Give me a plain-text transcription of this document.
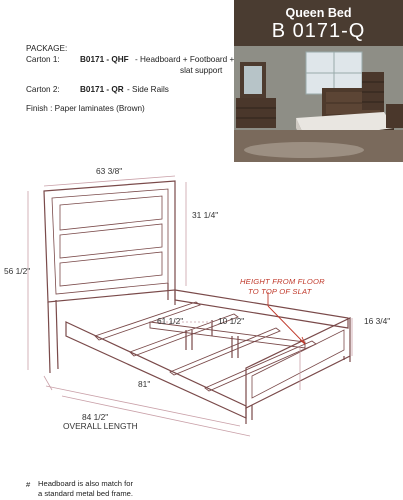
Queen Bed
B 0171-Q
PACKAGE:
Carton 1: B0171 - QHF - Headboard + Footboard +
slat support
Carton 2: B0171 - QR - Side Rails
Finish : Paper laminates (Brown)
63 3/8"
31 1/4"
56 1/2"
61 1/2"	10 1/2"	16 3/4"
81"
84 1/2"
OVERALL LENGTH
HEIGHT FROM FLOOR
TO TOP OF SLAT
# Headboard is also match for
a standard metal bed frame.
